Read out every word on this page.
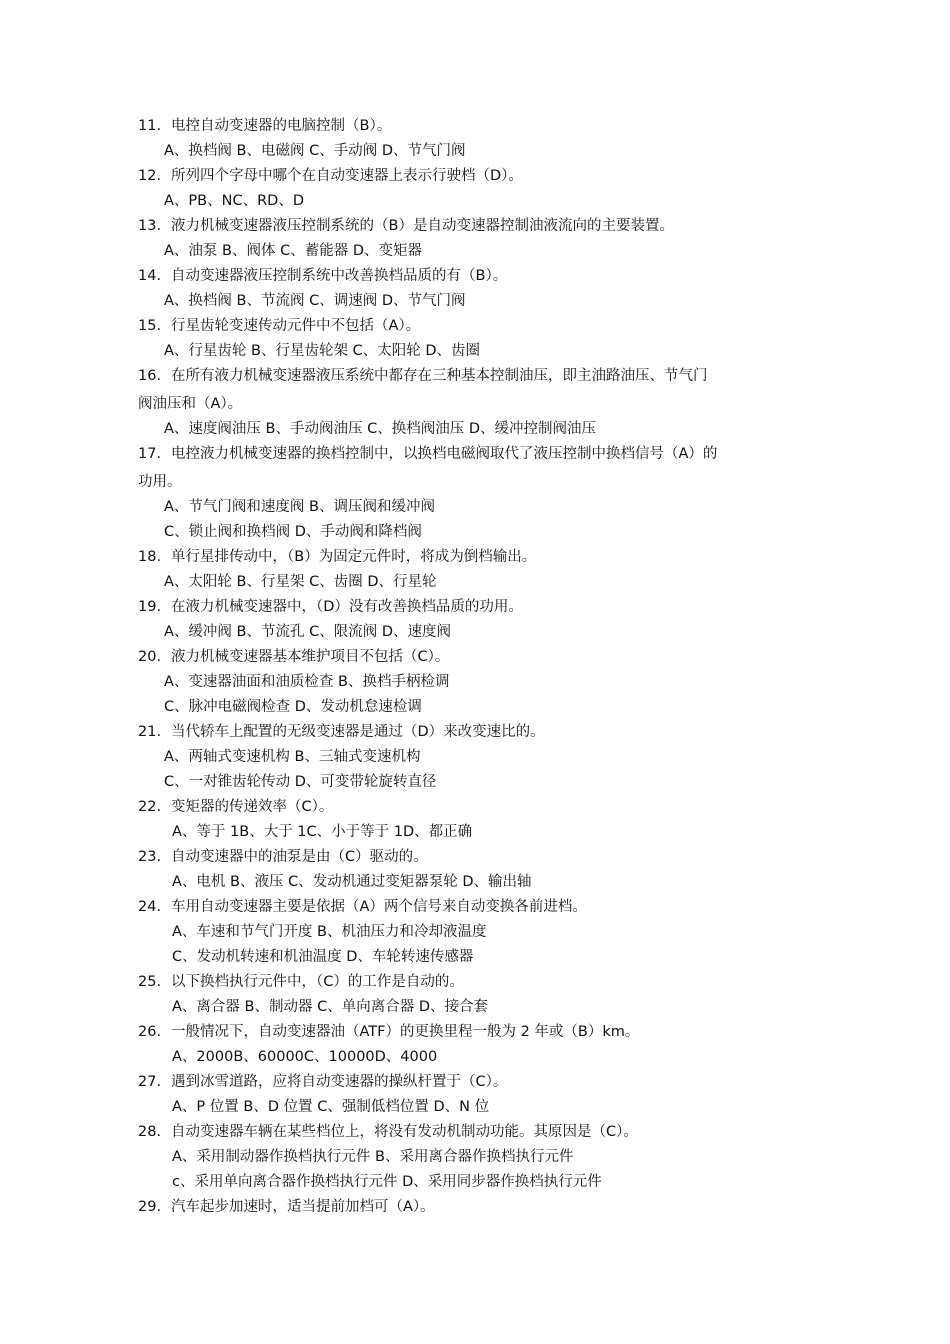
11. 电控自动变速器的电脑控制（B）。
A、换档阀 B、电磁阀 C、手动阀 D、节气门阀
12. 所列四个字母中哪个在自动变速器上表示行驶档（D）。
A、PB、NC、RD、D
13. 液力机械变速器液压控制系统的（B）是自动变速器控制油液流向的主要装置。
A、油泵 B、阀体 C、蓄能器 D、变矩器
14. 自动变速器液压控制系统中改善换档品质的有（B）。
A、换档阀 B、节流阀 C、调速阀 D、节气门阀
15. 行星齿轮变速传动元件中不包括（A）。
A、行星齿轮 B、行星齿轮架 C、太阳轮 D、齿圈
16. 在所有液力机械变速器液压系统中都存在三种基本控制油压，即主油路油压、节气门
阀油压和（A）。
A、速度阀油压 B、手动阀油压 C、换档阀油压 D、缓冲控制阀油压
17. 电控液力机械变速器的换档控制中，以换档电磁阀取代了液压控制中换档信号（A）的
功用。
A、节气门阀和速度阀 B、调压阀和缓冲阀
C、锁止阀和换档阀 D、手动阀和降档阀
18. 单行星排传动中，（B）为固定元件时，将成为倒档输出。
A、太阳轮 B、行星架 C、齿圈 D、行星轮
19. 在液力机械变速器中，（D）没有改善换档品质的功用。
A、缓冲阀 B、节流孔 C、限流阀 D、速度阀
20. 液力机械变速器基本维护项目不包括（C）。
A、变速器油面和油质检查 B、换档手柄检调
C、脉冲电磁阀检查 D、发动机怠速检调
21. 当代轿车上配置的无级变速器是通过（D）来改变速比的。
A、两轴式变速机构 B、三轴式变速机构
C、一对锥齿轮传动 D、可变带轮旋转直径
22. 变矩器的传递效率（C）。
A、等于 1B、大于 1C、小于等于 1D、都正确
23. 自动变速器中的油泵是由（C）驱动的。
A、电机 B、液压 C、发动机通过变矩器泵轮 D、输出轴
24. 车用自动变速器主要是依据（A）两个信号来自动变换各前进档。
A、车速和节气门开度 B、机油压力和冷却液温度
C、发动机转速和机油温度 D、车轮转速传感器
25. 以下换档执行元件中，（C）的工作是自动的。
A、离合器 B、制动器 C、单向离合器 D、接合套
26. 一般情况下，自动变速器油（ATF）的更换里程一般为 2 年或（B）km。
A、2000B、60000C、10000D、4000
27. 遇到冰雪道路，应将自动变速器的操纵杆置于（C）。
A、P 位置 B、D 位置 C、强制低档位置 D、N 位
28. 自动变速器车辆在某些档位上，将没有发动机制动功能。其原因是（C）。
A、采用制动器作换档执行元件 B、采用离合器作换档执行元件
c、采用单向离合器作换档执行元件 D、采用同步器作换档执行元件
29. 汽车起步加速时，适当提前加档可（A）。
